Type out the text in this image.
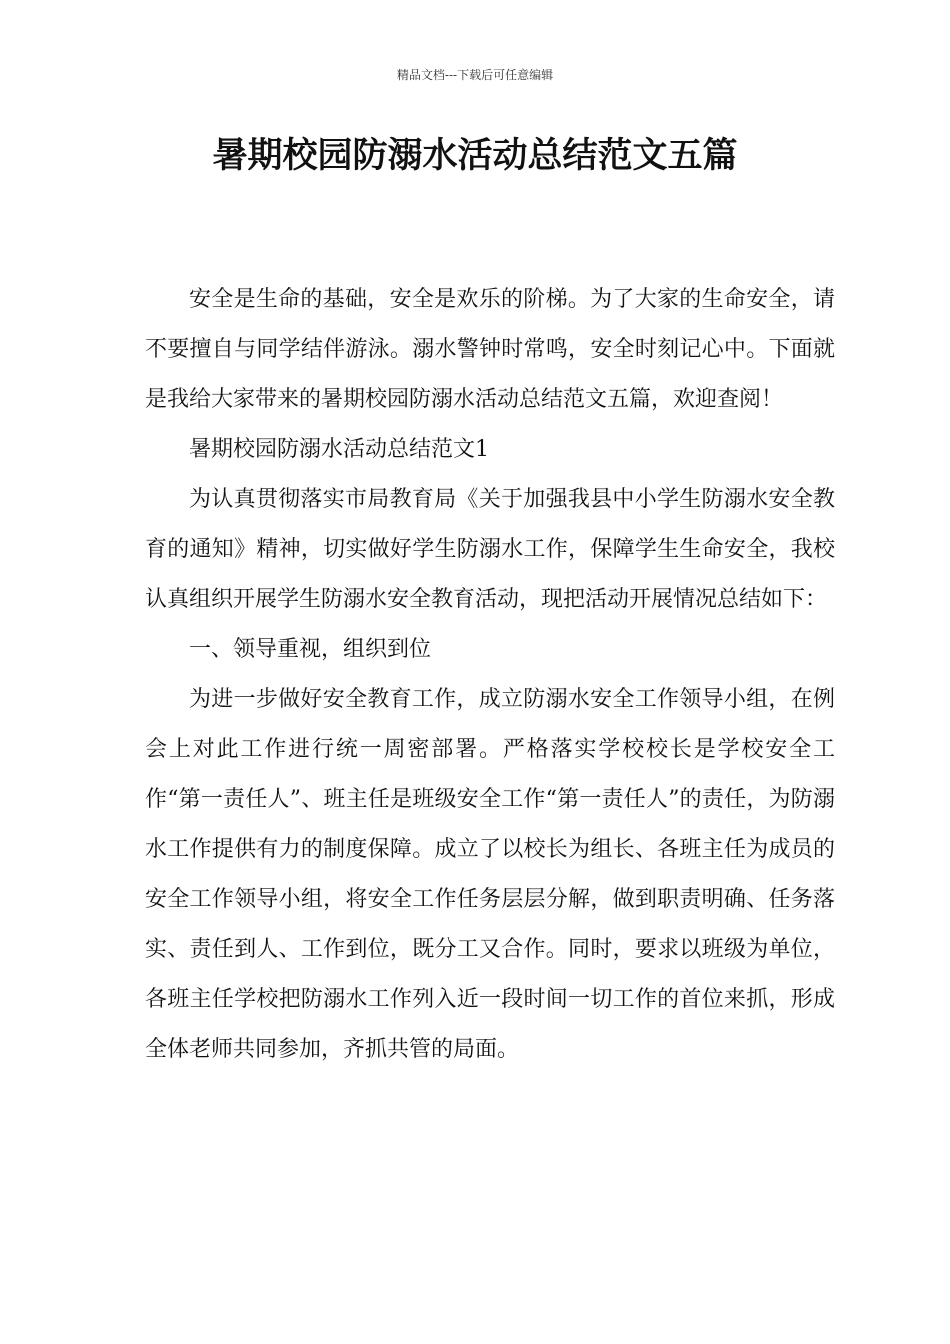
精品文档---下载后可任意编辑
暑期校园防溺水活动总结范文五篇

安全是生命的基础，安全是欢乐的阶梯。为了大家的生命安全，请不要擅自与同学结伴游泳。溺水警钟时常鸣，安全时刻记心中。下面就是我给大家带来的暑期校园防溺水活动总结范文五篇，欢迎查阅！

暑期校园防溺水活动总结范文1

为认真贯彻落实市局教育局《关于加强我县中小学生防溺水安全教育的通知》精神，切实做好学生防溺水工作，保障学生生命安全，我校认真组织开展学生防溺水安全教育活动，现把活动开展情况总结如下：

一、领导重视，组织到位

为进一步做好安全教育工作，成立防溺水安全工作领导小组，在例会上对此工作进行统一周密部署。严格落实学校校长是学校安全工作“第一责任人”、班主任是班级安全工作“第一责任人”的责任，为防溺水工作提供有力的制度保障。成立了以校长为组长、各班主任为成员的安全工作领导小组，将安全工作任务层层分解，做到职责明确、任务落实、责任到人、工作到位，既分工又合作。同时，要求以班级为单位，各班主任学校把防溺水工作列入近一段时间一切工作的首位来抓，形成全体老师共同参加，齐抓共管的局面。
